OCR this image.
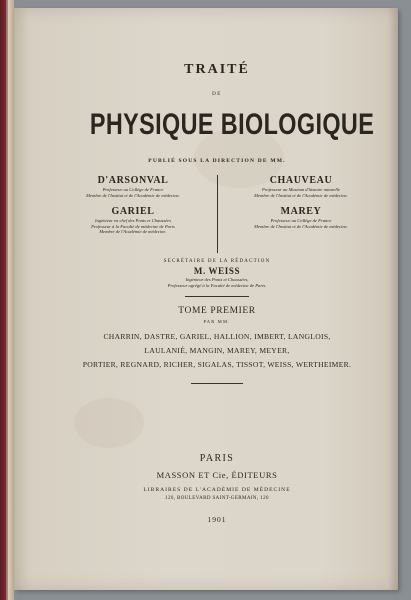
TRAITÉ
DE
PHYSIQUE BIOLOGIQUE
PUBLIÉ SOUS LA DIRECTION DE MM.
D'ARSONVAL
Professeur au Collège de France
Membre de l'Institut et de l'Académie de médecine.
GARIEL
Ingénieur en chef des Ponts et Chaussées
Professeur à la Faculté de médecine de Paris
Membre de l'Académie de médecine.
CHAUVEAU
Professeur au Muséum d'histoire naturelle
Membre de l'Institut et de l'Académie de médecine.
MAREY
Professeur au Collège de France
Membre de l'Institut et de l'Académie de médecine.
SECRÉTAIRE DE LA RÉDACTION
M. WEISS
Ingénieur des Ponts et Chaussées,
Professeur agrégé à la Faculté de médecine de Paris.
TOME PREMIER
PAR MM.
CHARRIN, DASTRE, GARIEL, HALLION, IMBERT, LANGLOIS,
LAULANIÉ, MANGIN, MAREY, MEYER,
PORTIER, REGNARD, RICHER, SIGALAS, TISSOT, WEISS, WERTHEIMER.
PARIS
MASSON ET Cie, ÉDITEURS
LIBRAIRES DE L'ACADÉMIE DE MÉDECINE
120, BOULEVARD SAINT-GERMAIN, 120
1901
